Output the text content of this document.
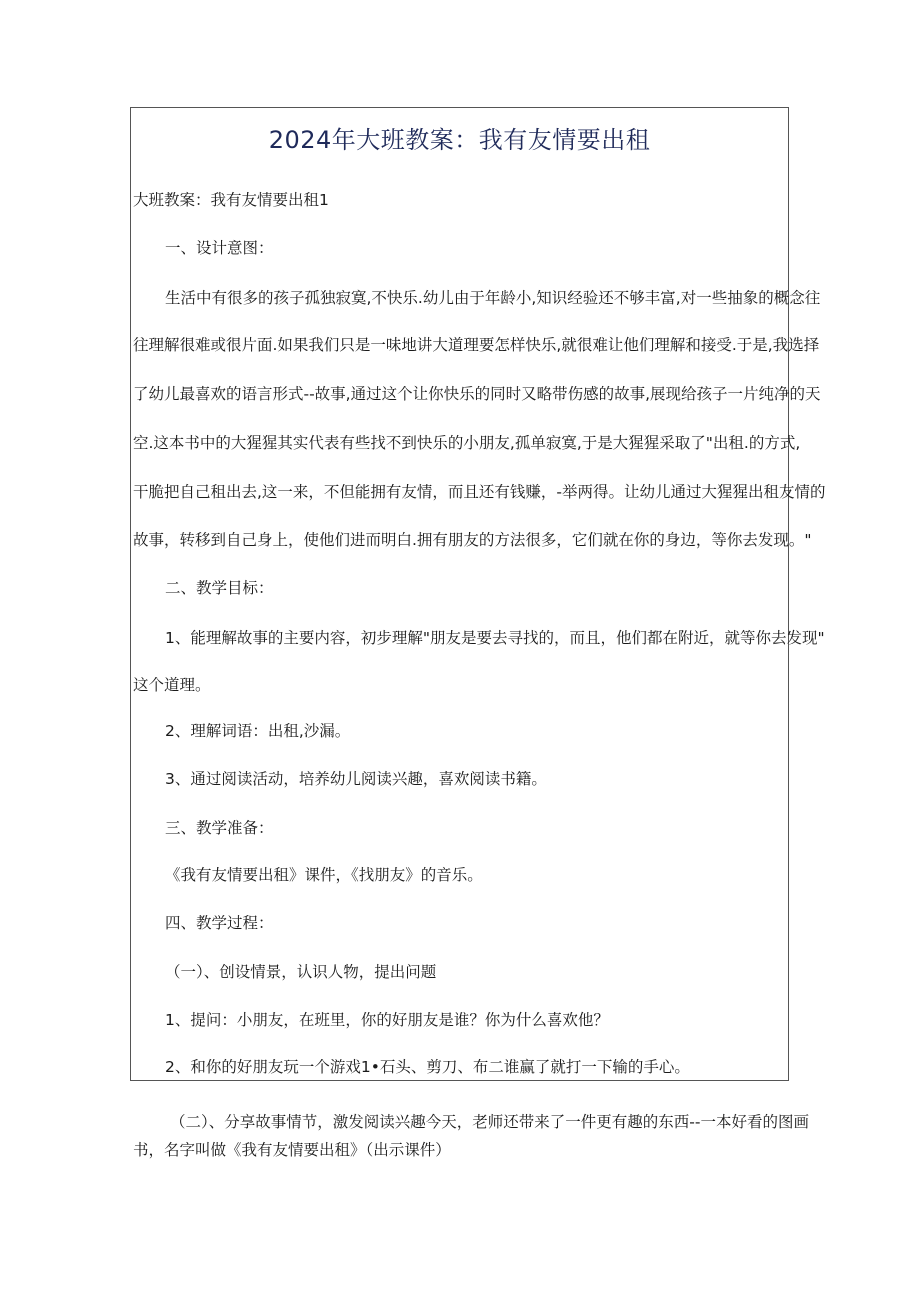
2024年大班教案：我有友情要出租
大班教案：我有友情要出租1
一、设计意图：
生活中有很多的孩子孤独寂寞,不快乐.幼儿由于年龄小,知识经验还不够丰富,对一些抽象的概念往
往理解很难或很片面.如果我们只是一味地讲大道理要怎样快乐,就很难让他们理解和接受.于是,我选择
了幼儿最喜欢的语言形式--故事,通过这个让你快乐的同时又略带伤感的故事,展现给孩子一片纯净的天
空.这本书中的大猩猩其实代表有些找不到快乐的小朋友,孤单寂寞,于是大猩猩采取了"出租.的方式,
干脆把自己租出去,这一来，不但能拥有友情，而且还有钱赚，-举两得。让幼儿通过大猩猩出租友情的
故事，转移到自己身上，使他们进而明白.拥有朋友的方法很多，它们就在你的身边，等你去发现。"
二、教学目标：
1、能理解故事的主要内容，初步理解"朋友是要去寻找的，而且，他们都在附近，就等你去发现"
这个道理。
2、理解词语：出租,沙漏。
3、通过阅读活动，培养幼儿阅读兴趣，喜欢阅读书籍。
三、教学准备：
《我有友情要出租》课件，《找朋友》的音乐。
四、教学过程：
（一）、创设情景，认识人物，提出问题
1、提问：小朋友，在班里，你的好朋友是谁？你为什么喜欢他？
2、和你的好朋友玩一个游戏1•石头、剪刀、布二谁赢了就打一下输的手心。
（二）、分享故事情节，激发阅读兴趣今天，老师还带来了一件更有趣的东西--一本好看的图画
书，名字叫做《我有友情要出租》（出示课件）
